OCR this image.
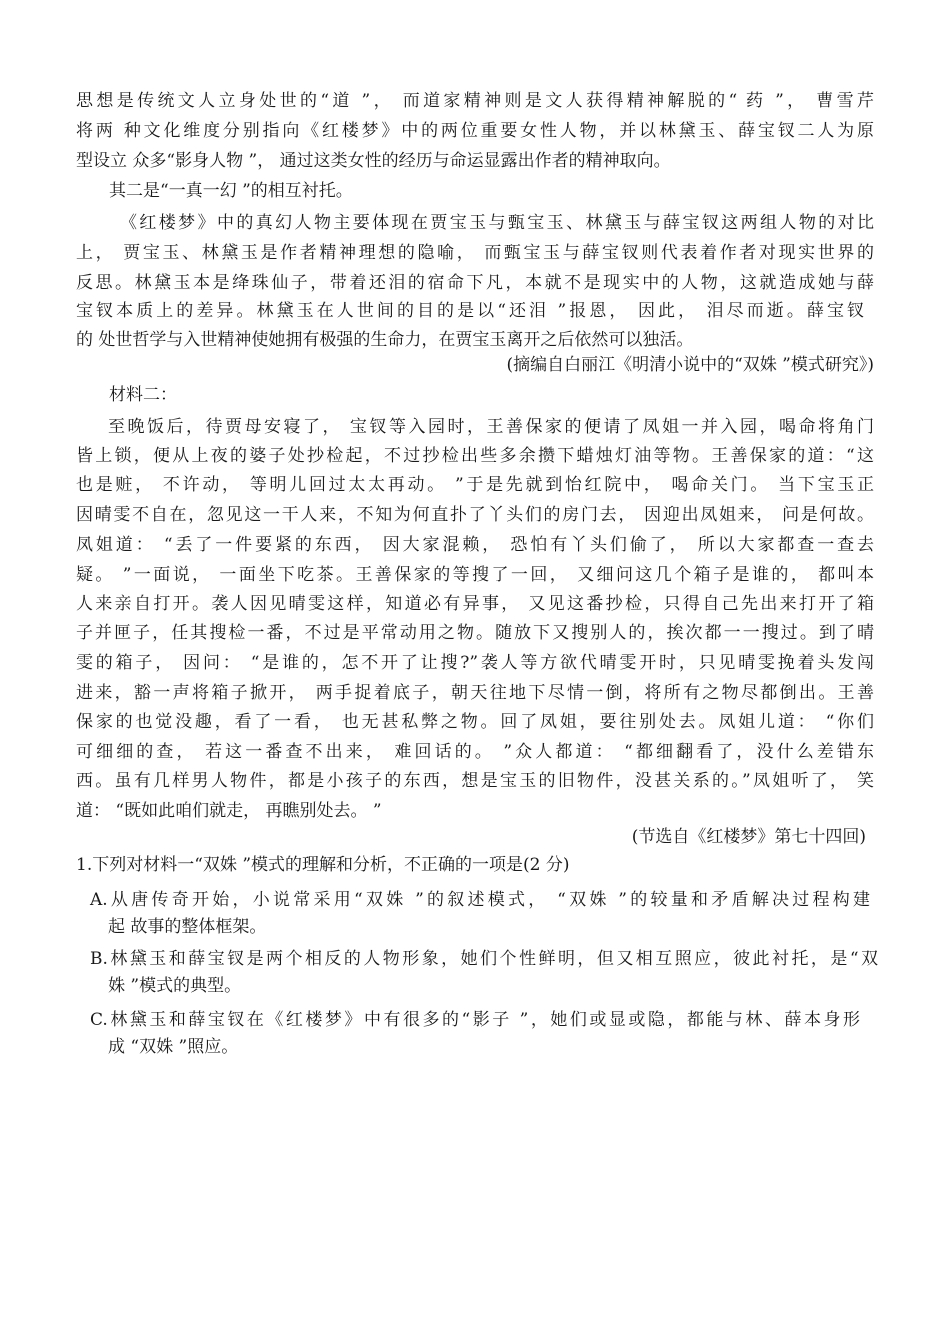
思想是传统文人立身处世的“道 ”， 而道家精神则是文人获得精神解脱的“ 药 ”， 曹雪芹
将两 种文化维度分别指向《红楼梦》中的两位重要女性人物，并以林黛玉、薛宝钗二人为原
型设立 众多“影身人物 ”， 通过这类女性的经历与命运显露出作者的精神取向。
其二是“一真一幻 ”的相互衬托。
《红楼梦》中的真幻人物主要体现在贾宝玉与甄宝玉、林黛玉与薛宝钗这两组人物的对比
上， 贾宝玉、林黛玉是作者精神理想的隐喻， 而甄宝玉与薛宝钗则代表着作者对现实世界的
反思。林黛玉本是绛珠仙子，带着还泪的宿命下凡，本就不是现实中的人物，这就造成她与薛
宝钗本质上的差异。林黛玉在人世间的目的是以“还泪 ”报恩， 因此， 泪尽而逝。薛宝钗
的 处世哲学与入世精神使她拥有极强的生命力，在贾宝玉离开之后依然可以独活。
(摘编自白丽江《明清小说中的“双姝 ”模式研究》)
材料二：
至晚饭后，待贾母安寝了， 宝钗等入园时，王善保家的便请了凤姐一并入园，喝命将角门
皆上锁，便从上夜的婆子处抄检起，不过抄检出些多余攒下蜡烛灯油等物。王善保家的道：“这
也是赃， 不许动， 等明儿回过太太再动。 ”于是先就到怡红院中， 喝命关门。 当下宝玉正
因晴雯不自在，忽见这一干人来，不知为何直扑了丫头们的房门去， 因迎出凤姐来， 问是何故。
凤姐道： “丢了一件要紧的东西， 因大家混赖， 恐怕有丫头们偷了， 所以大家都查一查去
疑。 ”一面说， 一面坐下吃茶。王善保家的等搜了一回， 又细问这几个箱子是谁的， 都叫本
人来亲自打开。袭人因见晴雯这样，知道必有异事， 又见这番抄检，只得自己先出来打开了箱
子并匣子，任其搜检一番，不过是平常动用之物。随放下又搜别人的，挨次都一一搜过。到了晴
雯的箱子， 因问： “是谁的，怎不开了让搜?”袭人等方欲代晴雯开时，只见晴雯挽着头发闯
进来，豁一声将箱子掀开， 两手捉着底子，朝天往地下尽情一倒，将所有之物尽都倒出。王善
保家的也觉没趣，看了一看， 也无甚私弊之物。回了凤姐，要往别处去。凤姐儿道： “你们
可细细的查， 若这一番查不出来， 难回话的。 ”众人都道： “都细翻看了，没什么差错东
西。虽有几样男人物件，都是小孩子的东西，想是宝玉的旧物件，没甚关系的。”凤姐听了， 笑
道： “既如此咱们就走， 再瞧别处去。 ”
(节选自《红楼梦》第七十四回)
1.下列对材料一“双姝 ”模式的理解和分析，不正确的一项是(2 分)
A.从唐传奇开始，小说常采用“双姝 ”的叙述模式， “双姝 ”的较量和矛盾解决过程构建
起 故事的整体框架。
B.林黛玉和薛宝钗是两个相反的人物形象，她们个性鲜明，但又相互照应，彼此衬托，是“双
姝 ”模式的典型。
C.林黛玉和薛宝钗在《红楼梦》中有很多的“影子 ”，她们或显或隐，都能与林、薛本身形
成 “双姝 ”照应。
